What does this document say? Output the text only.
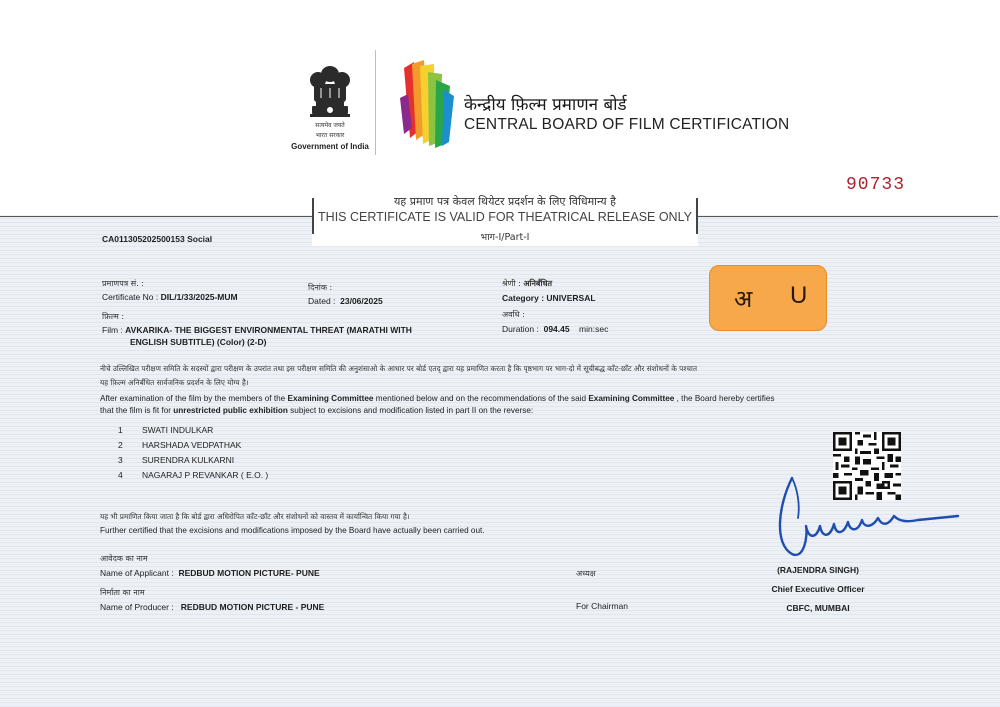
सत्यमेव जयते
भारत सरकार
Government of India
केन्द्रीय फ़िल्म प्रमाणन बोर्ड
CENTRAL BOARD OF FILM CERTIFICATION
90733
यह प्रमाण पत्र केवल थियेटर प्रदर्शन के लिए विधिमान्य है
THIS CERTIFICATE IS VALID FOR THEATRICAL RELEASE ONLY
भाग-I/Part-I
CA011305202500153 Social
प्रमाणपत्र सं. :
Certificate No : DIL/1/33/2025-MUM
दिनांक :
Dated : 23/06/2025
श्रेणी : अनिर्बंधित
Category : UNIVERSAL	अ U
फ़िल्म :
Film : AVKARIKA- THE BIGGEST ENVIRONMENTAL THREAT (MARATHI WITH
ENGLISH SUBTITLE) (Color) (2-D)
अवधि :
Duration : 094.45 min:sec
नीचे उल्लिखित परीक्षण समिति के सदस्यों द्वारा परीक्षण के उपरांत तथा इस परीक्षण समिति की अनुशंसाओ के आधार पर बोर्ड एतद् द्वारा यह प्रमाणित करता है कि पृष्ठभाग पर भाग-दो में सूचीबद्ध काँट-छाँट और संशोधनों के पश्चात
यह फ़िल्म अनिर्बंधित सार्वजनिक प्रदर्शन के लिए योग्य है।
After examination of the film by the members of the Examining Committee mentioned below and on the recommendations of the said Examining Committee , the Board hereby certifies
that the film is fit for unrestricted public exhibition subject to excisions and modification listed in part II on the reverse:
1 SWATI INDULKAR
2 HARSHADA VEDPATHAK
3 SURENDRA KULKARNI
4 NAGARAJ P REVANKAR ( E.O. )
यह भी प्रमाणित किया जाता है कि बोर्ड द्वारा अधिरोपित काँट-छाँट और संशोधनों को वास्तव में कार्यान्वित किया गया है।
Further certified that the excisions and modifications imposed by the Board have actually been carried out.
आवेदक का नाम
Name of Applicant : REDBUD MOTION PICTURE- PUNE
निर्माता का नाम
Name of Producer : REDBUD MOTION PICTURE - PUNE
अध्यक्ष
For Chairman
(RAJENDRA SINGH)
Chief Executive Officer
CBFC, MUMBAI
